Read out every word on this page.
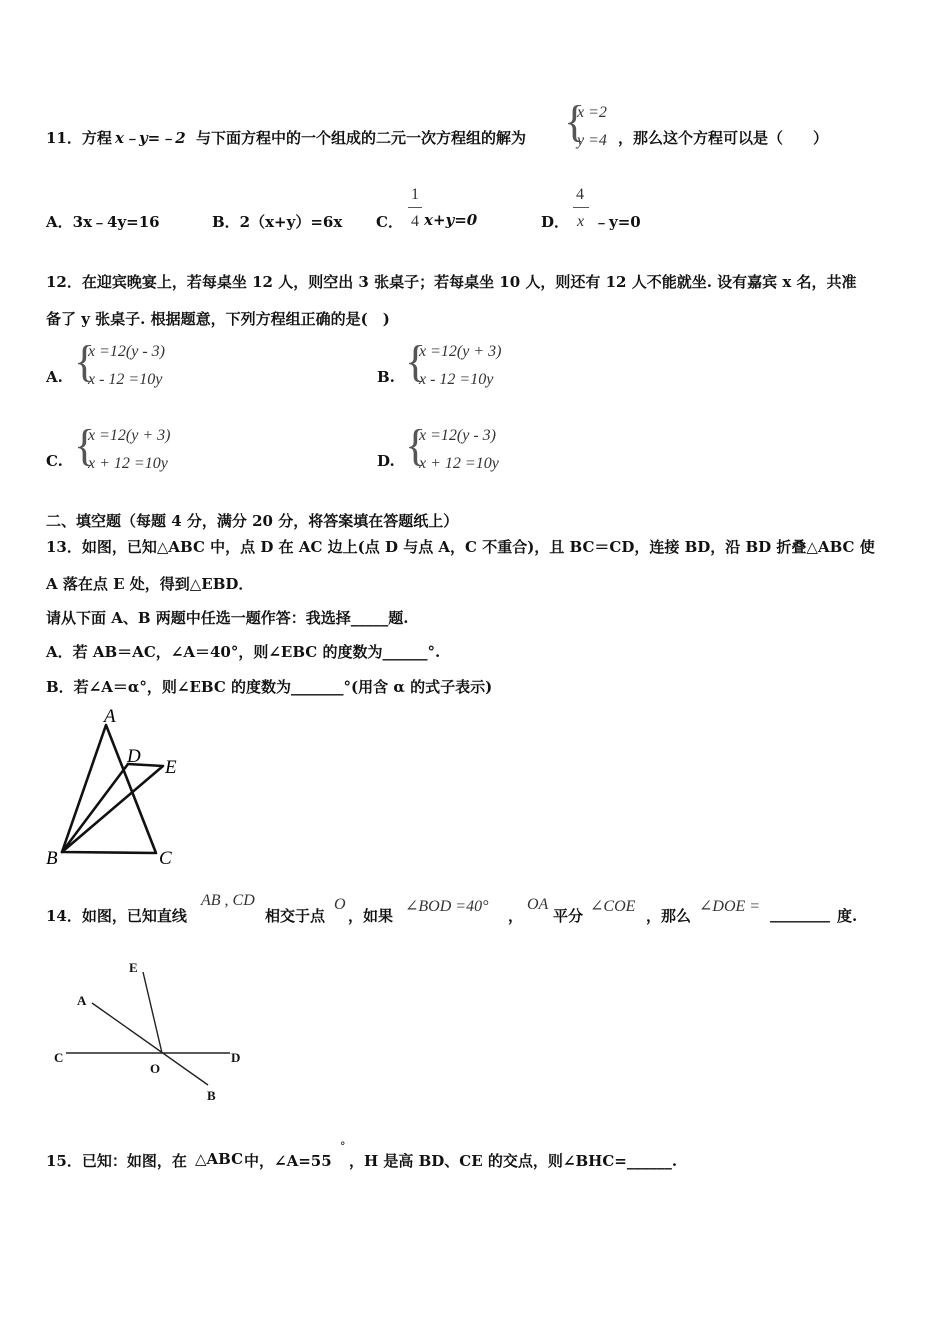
11．方程 x﹣y=﹣2 与下面方程中的一个组成的二元一次方程组的解为 {
x =2
y =4 ，那么这个方程可以是（　　）
A．3x﹣4y=16	B．2（x+y）=6x C．
1
4 x+y=0	D．
4
x ﹣y=0
12．在迎宾晚宴上，若每桌坐 12 人，则空出 3 张桌子；若每桌坐 10 人，则还有 12 人不能就坐. 设有嘉宾 x 名，共准
备了 y 张桌子. 根据题意，下列方程组正确的是(　)
A. {
x =12(y - 3)
x - 12 =10y	B. {
x =12(y + 3)
x - 12 =10y
C. {
x =12(y + 3)
x + 12 =10y	D. {
x =12(y - 3)
x + 12 =10y
二、填空题（每题 4 分，满分 20 分，将答案填在答题纸上）
13．如图，已知△ABC 中，点 D 在 AC 边上(点 D 与点 A，C 不重合)，且 BC＝CD，连接 BD，沿 BD 折叠△ABC 使
A 落在点 E 处，得到△EBD．
请从下面 A、B 两题中任选一题作答：我选择_____题.
A．若 AB＝AC，∠A＝40°，则∠EBC 的度数为______°.
B．若∠A＝α°，则∠EBC 的度数为_______°(用含 α 的式子表示)
A
B	C
D
E
14．如图，已知直线
AB , CD
相交于点
O
，如果
∠BOD =40°
，
OA
平分
∠COE
，那么
∠DOE = ________ 度.
E
A
C	D
O
B
15．已知：如图，在 △ABC 中，∠A=55
°
，H 是高 BD、CE 的交点，则∠BHC=______.
